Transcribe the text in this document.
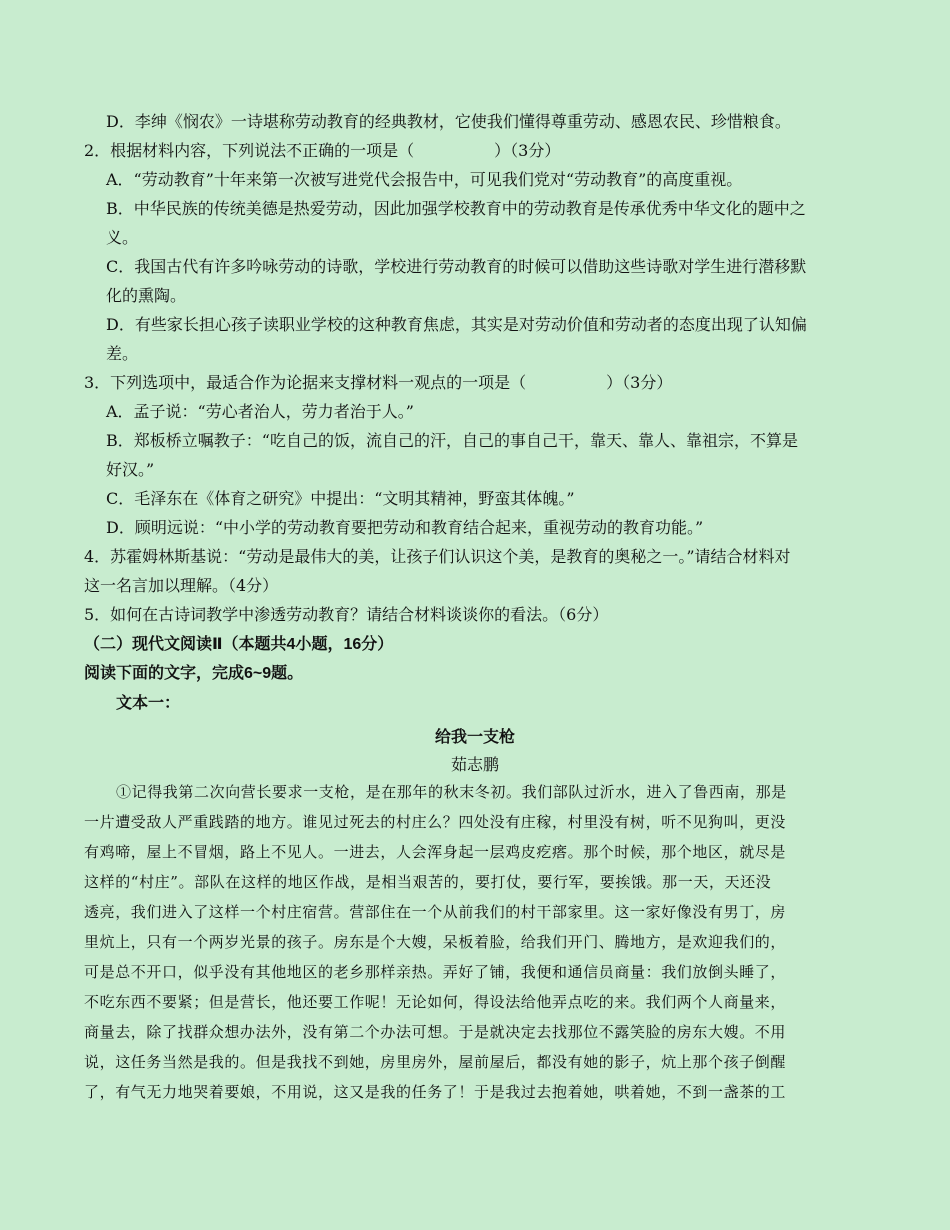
D．李绅《悯农》一诗堪称劳动教育的经典教材，它使我们懂得尊重劳动、感恩农民、珍惜粮食。
2．根据材料内容，下列说法不正确的一项是（　　　　　）（3分）
A．“劳动教育”十年来第一次被写进党代会报告中，可见我们党对“劳动教育”的高度重视。
B．中华民族的传统美德是热爱劳动，因此加强学校教育中的劳动教育是传承优秀中华文化的题中之
义。
C．我国古代有许多吟咏劳动的诗歌，学校进行劳动教育的时候可以借助这些诗歌对学生进行潜移默
化的熏陶。
D．有些家长担心孩子读职业学校的这种教育焦虑，其实是对劳动价值和劳动者的态度出现了认知偏
差。
3．下列选项中，最适合作为论据来支撑材料一观点的一项是（　　　　　）（3分）
A．孟子说：“劳心者治人，劳力者治于人。”
B．郑板桥立嘱教子：“吃自己的饭，流自己的汗，自己的事自己干，靠天、靠人、靠祖宗，不算是
好汉。”
C．毛泽东在《体育之研究》中提出：“文明其精神，野蛮其体魄。”
D．顾明远说：“中小学的劳动教育要把劳动和教育结合起来，重视劳动的教育功能。”
4．苏霍姆林斯基说：“劳动是最伟大的美，让孩子们认识这个美，是教育的奥秘之一。”请结合材料对
这一名言加以理解。（4分）
5．如何在古诗词教学中渗透劳动教育？请结合材料谈谈你的看法。（6分）
（二）现代文阅读Ⅱ（本题共4小题，16分）
阅读下面的文字，完成6~9题。
文本一：
给我一支枪
茹志鹏
①记得我第二次向营长要求一支枪，是在那年的秋末冬初。我们部队过沂水，进入了鲁西南，那是
一片遭受敌人严重践踏的地方。谁见过死去的村庄么？四处没有庄稼，村里没有树，听不见狗叫，更没
有鸡啼，屋上不冒烟，路上不见人。一进去，人会浑身起一层鸡皮疙瘩。那个时候，那个地区，就尽是
这样的“村庄”。部队在这样的地区作战，是相当艰苦的，要打仗，要行军，要挨饿。那一天，天还没
透亮，我们进入了这样一个村庄宿营。营部住在一个从前我们的村干部家里。这一家好像没有男丁，房
里炕上，只有一个两岁光景的孩子。房东是个大嫂，呆板着脸，给我们开门、腾地方，是欢迎我们的，
可是总不开口，似乎没有其他地区的老乡那样亲热。弄好了铺，我便和通信员商量：我们放倒头睡了，
不吃东西不要紧；但是营长，他还要工作呢！无论如何，得设法给他弄点吃的来。我们两个人商量来，
商量去，除了找群众想办法外，没有第二个办法可想。于是就决定去找那位不露笑脸的房东大嫂。不用
说，这任务当然是我的。但是我找不到她，房里房外，屋前屋后，都没有她的影子，炕上那个孩子倒醒
了，有气无力地哭着要娘，不用说，这又是我的任务了！于是我过去抱着她，哄着她，不到一盏茶的工
